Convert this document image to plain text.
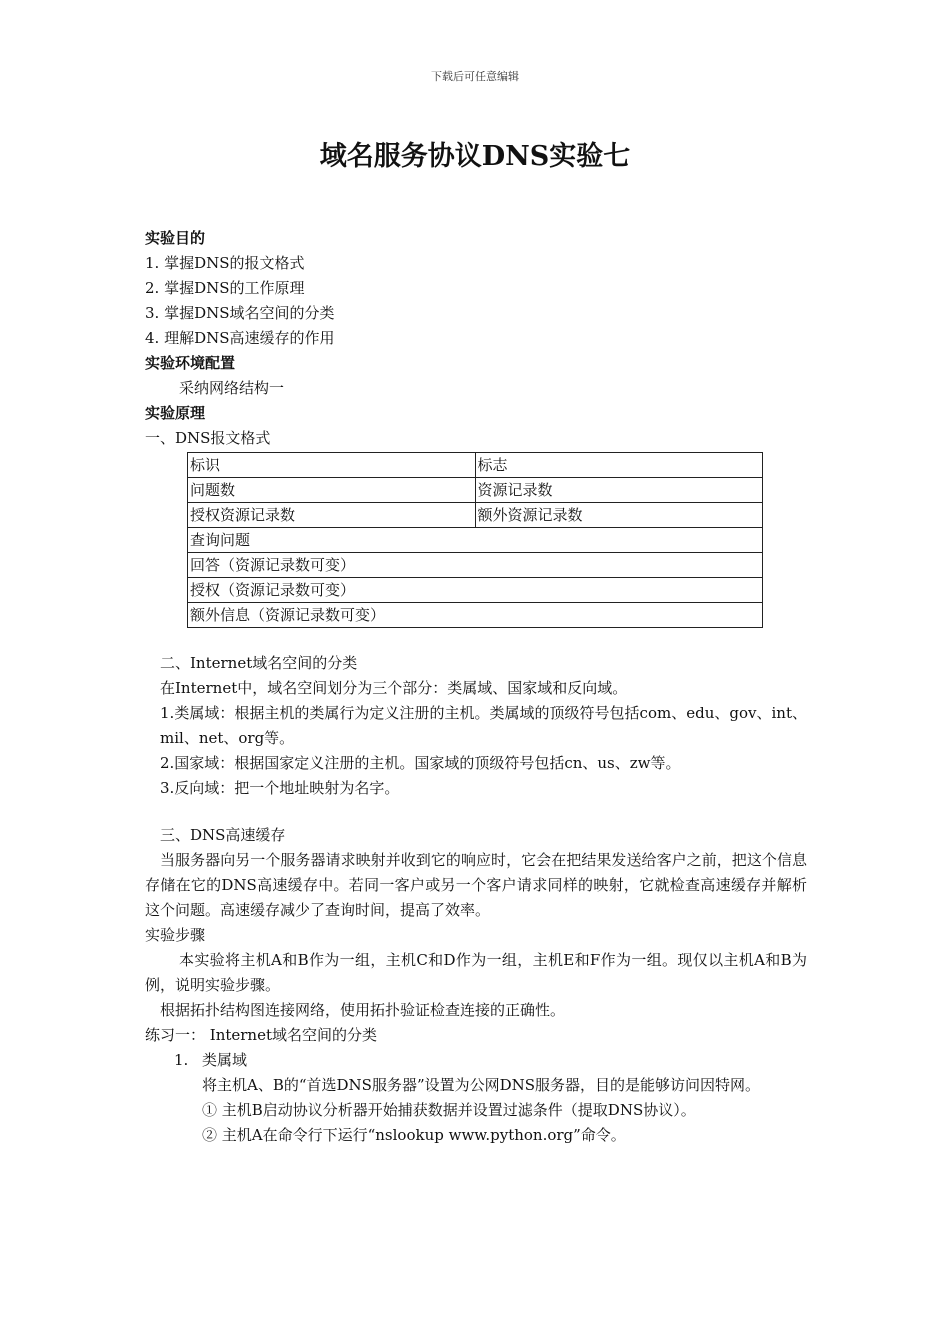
下载后可任意编辑
域名服务协议DNS实验七
实验目的
1. 掌握DNS的报文格式
2. 掌握DNS的工作原理
3. 掌握DNS域名空间的分类
4. 理解DNS高速缓存的作用
实验环境配置
采纳网络结构一
实验原理
一、DNS报文格式
标识	标志
问题数	资源记录数
授权资源记录数	额外资源记录数
查询问题	
回答（资源记录数可变）	
授权（资源记录数可变）	
额外信息（资源记录数可变）	
二、Internet域名空间的分类
在Internet中，域名空间划分为三个部分：类属域、国家域和反向域。
1.类属域：根据主机的类属行为定义注册的主机。类属域的顶级符号包括com、edu、gov、int、mil、net、org等。
2.国家域：根据国家定义注册的主机。国家域的顶级符号包括cn、us、zw等。
3.反向域：把一个地址映射为名字。
三、DNS高速缓存
当服务器向另一个服务器请求映射并收到它的响应时，它会在把结果发送给客户之前，把这个信息存储在它的DNS高速缓存中。若同一客户或另一个客户请求同样的映射，它就检查高速缓存并解析这个问题。高速缓存减少了查询时间，提高了效率。
实验步骤
本实验将主机A和B作为一组，主机C和D作为一组，主机E和F作为一组。现仅以主机A和B为例，说明实验步骤。
根据拓扑结构图连接网络，使用拓扑验证检查连接的正确性。
练习一： Internet域名空间的分类
1. 类属域
将主机A、B的“首选DNS服务器”设置为公网DNS服务器，目的是能够访问因特网。
① 主机B启动协议分析器开始捕获数据并设置过滤条件（提取DNS协议）。
② 主机A在命令行下运行“nslookup www.python.org”命令。
